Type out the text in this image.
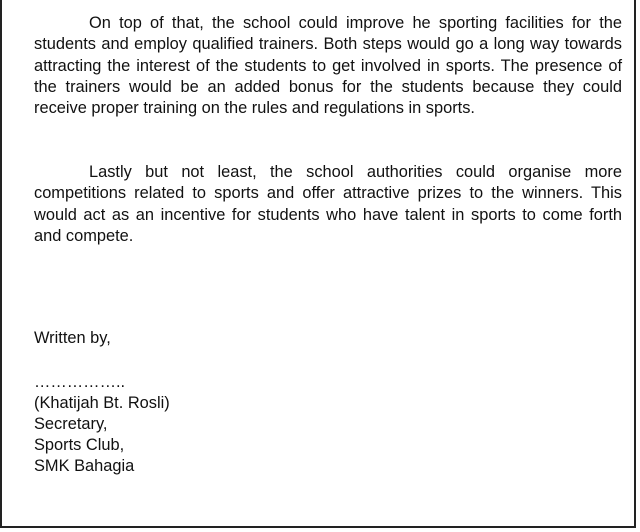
On top of that, the school could improve he sporting facilities for the students and employ qualified trainers. Both steps would go a long way towards attracting the interest of the students to get involved in sports. The presence of the trainers would be an added bonus for the students because they could receive proper training on the rules and regulations in sports.

Lastly but not least, the school authorities could organise more competitions related to sports and offer attractive prizes to the winners. This would act as an incentive for students who have talent in sports to come forth and compete.

Written by,

……………..

(Khatijah Bt. Rosli)

Secretary,

Sports Club,

SMK Bahagia
